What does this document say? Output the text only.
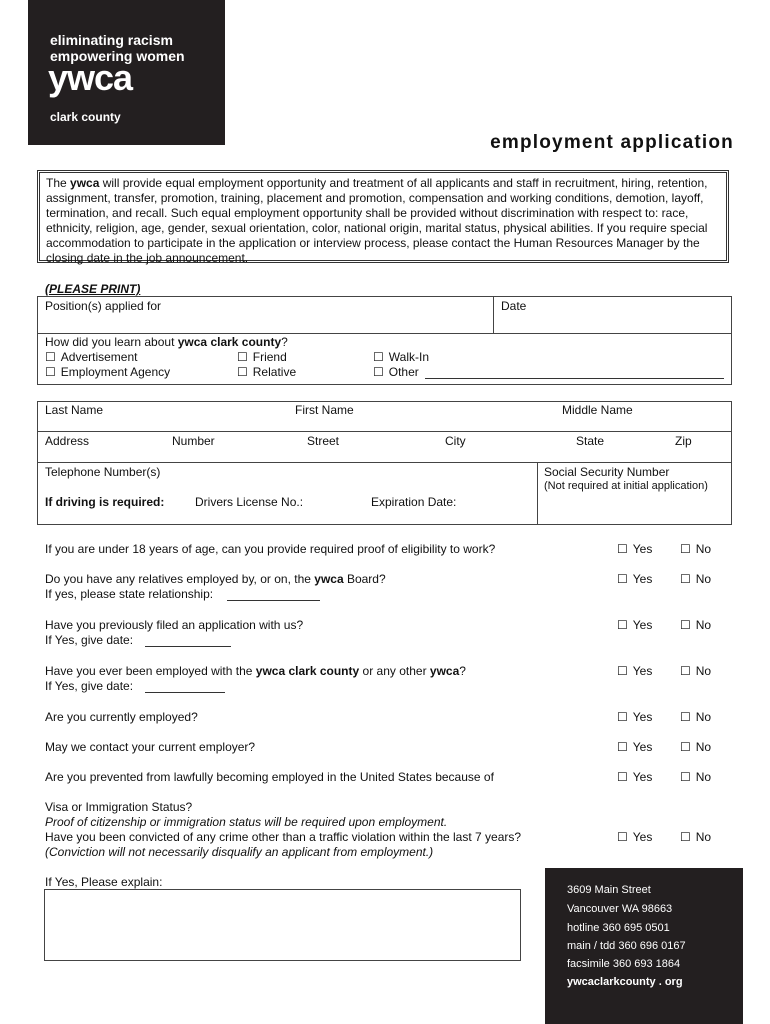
eliminating racism
empowering women
ywca
clark county
employment application
The ywca will provide equal employment opportunity and treatment of all applicants and staff in recruitment, hiring, retention, assignment, transfer, promotion, training, placement and promotion, compensation and working conditions, demotion, layoff, termination, and recall. Such equal employment opportunity shall be provided without discrimination with respect to: race, ethnicity, religion, age, gender, sexual orientation, color, national origin, marital status, physical abilities. If you require special accommodation to participate in the application or interview process, please contact the Human Resources Manager by the closing date in the job announcement.
(PLEASE PRINT)
Position(s) applied for	Date
How did you learn about ywca clark county?
☐ Advertisement	☐ Friend	☐ Walk-In
☐ Employment Agency	☐ Relative	☐ Other
Last Name	First Name	Middle Name
Address	Number	Street	City	State	Zip
Telephone Number(s)	Social Security Number
(Not required at initial application)
If driving is required:	Drivers License No.:	Expiration Date:
If you are under 18 years of age, can you provide required proof of eligibility to work?	☐ Yes	☐ No
Do you have any relatives employed by, or on, the ywca Board?
If yes, please state relationship:
☐ Yes	☐ No
Have you previously filed an application with us?
If Yes, give date:
☐ Yes	☐ No
Have you ever been employed with the ywca clark county or any other ywca?
If Yes, give date:
☐ Yes	☐ No
Are you currently employed?	☐ Yes	☐ No
May we contact your current employer?	☐ Yes	☐ No
Are you prevented from lawfully becoming employed in the United States because of	☐ Yes	☐ No
Visa or Immigration Status?
Proof of citizenship or immigration status will be required upon employment.
Have you been convicted of any crime other than a traffic violation within the last 7 years?
(Conviction will not necessarily disqualify an applicant from employment.)
☐ Yes	☐ No
If Yes, Please explain:
3609 Main Street
Vancouver WA 98663
hotline 360 695 0501
main / tdd 360 696 0167
facsimile 360 693 1864
ywcaclarkcounty . org
